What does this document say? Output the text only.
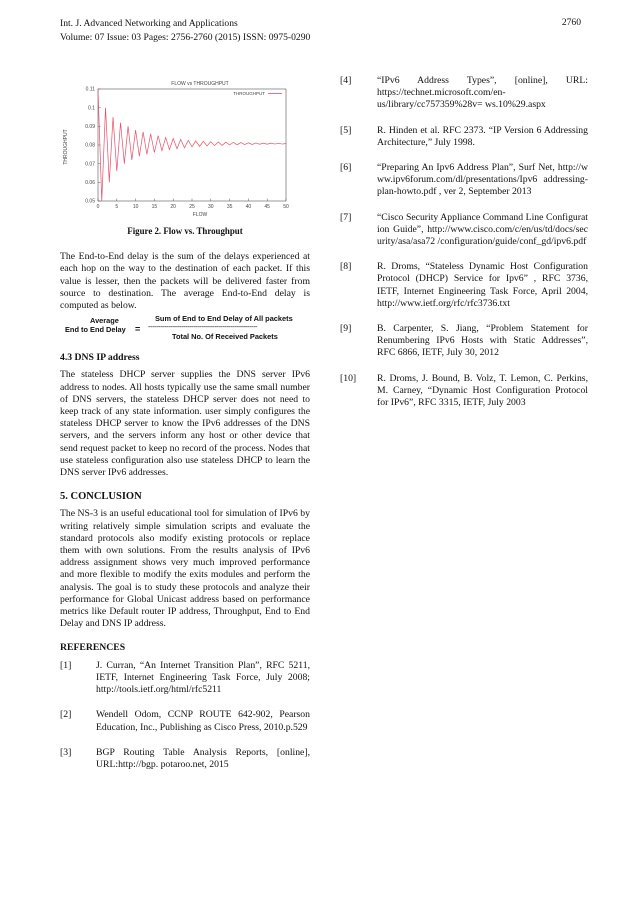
Int. J. Advanced Networking and Applications
Volume: 07 Issue: 03 Pages: 2756-2760 (2015) ISSN: 0975-0290
2760
0	5	10	15	20	25	30	35	40	45	50
0.05
0.06
0.07
0.08
0.09
0.1
0.11
FLOW vs THROUGHPUT
FLOW
THROUGHPUT
THROUGHPUT
Figure 2. Flow vs. Throughput

The End-to-End delay is the sum of the delays experienced at each hop on the way to the destination of each packet. If this value is lesser, then the packets will be delivered faster from source to destination. The average End-to-End delay is computed as below.

Average
End to End Delay =
Sum of End to End Delay of All packets
-----------------------------------------------------
Total No. Of Received Packets
4.3 DNS IP address

The stateless DHCP server supplies the DNS server IPv6 address to nodes. All hosts typically use the same small number of DNS servers, the stateless DHCP server does not need to keep track of any state information. user simply configures the stateless DHCP server to know the IPv6 addresses of the DNS servers, and the servers inform any host or other device that send request packet to keep no record of the process. Nodes that use stateless configuration also use stateless DHCP to learn the DNS server IPv6 addresses.

5. CONCLUSION

The NS-3 is an useful educational tool for simulation of IPv6 by writing relatively simple simulation scripts and evaluate the standard protocols also modify existing protocols or replace them with own solutions. From the results analysis of IPv6 address assignment shows very much improved performance and more flexible to modify the exits modules and perform the analysis. The goal is to study these protocols and analyze their performance for Global Unicast address based on performance metrics like Default router IP address, Throughput, End to End Delay and DNS IP address.

REFERENCES
[1]	J. Curran, “An Internet Transition Plan”, RFC 5211, IETF, Internet Engineering Task Force, July 2008; http://tools.ietf.org/html/rfc5211
[2]	Wendell Odom, CCNP ROUTE 642-902, Pearson Education, Inc., Publishing as Cisco Press, 2010.p.529
[3]	BGP Routing Table Analysis Reports, [online], URL:http://bgp. potaroo.net, 2015
[4]	“IPv6 Address Types”, [online], URL: https://technet.microsoft.com/en-us/library/cc757359%28v= ws.10%29.aspx
[5]	R. Hinden et al. RFC 2373. “IP Version 6 Addressing Architecture,” July 1998.
[6]	“Preparing An Ipv6 Address Plan”, Surf Net, http://www.ipv6forum.com/dl/presentations/Ipv6 addressing-plan-howto.pdf , ver 2, September 2013
[7]	“Cisco Security Appliance Command Line Configuration Guide”, http://www.cisco.com/c/en/us/td/docs/security/asa/asa72 /configuration/guide/conf_gd/ipv6.pdf
[8]	R. Droms, “Stateless Dynamic Host Configuration Protocol (DHCP) Service for Ipv6” , RFC 3736, IETF, Internet Engineering Task Force, April 2004, http://www.ietf.org/rfc/rfc3736.txt
[9]	B. Carpenter, S. Jiang, “Problem Statement for Renumbering IPv6 Hosts with Static Addresses”, RFC 6866, IETF, July 30, 2012
[10]	R. Droms, J. Bound, B. Volz, T. Lemon, C. Perkins, M. Carney, “Dynamic Host Configuration Protocol for IPv6”, RFC 3315, IETF, July 2003
